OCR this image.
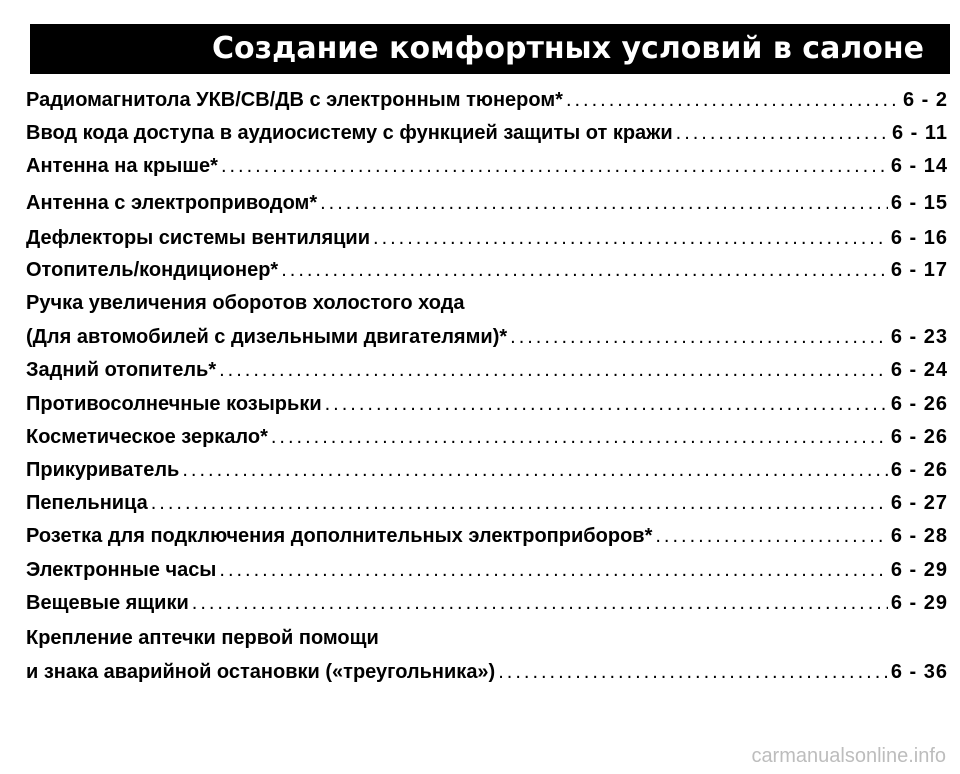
Создание комфортных условий в салоне
Радиомагнитола УКВ/СВ/ДВ с электронным тюнером* .....	6 - 2
Ввод кода доступа в аудиосистему с функцией защиты от кражи .....	6 - 11
Антенна на крыше* .....	6 - 14
Антенна с электроприводом* .....	6 - 15
Дефлекторы системы вентиляции .....	6 - 16
Отопитель/кондиционер* .....	6 - 17
Ручка увеличения оборотов холостого хода
(Для автомобилей с дизельными двигателями)* .....	6 - 23
Задний отопитель* .....	6 - 24
Противосолнечные козырьки .....	6 - 26
Косметическое зеркало* .....	6 - 26
Прикуриватель .....	6 - 26
Пепельница .....	6 - 27
Розетка для подключения дополнительных электроприборов* .....	6 - 28
Электронные часы .....	6 - 29
Вещевые ящики .....	6 - 29
Крепление аптечки первой помощи
и знака аварийной остановки («треугольника») .....	6 - 36
carmanualsonline.info
